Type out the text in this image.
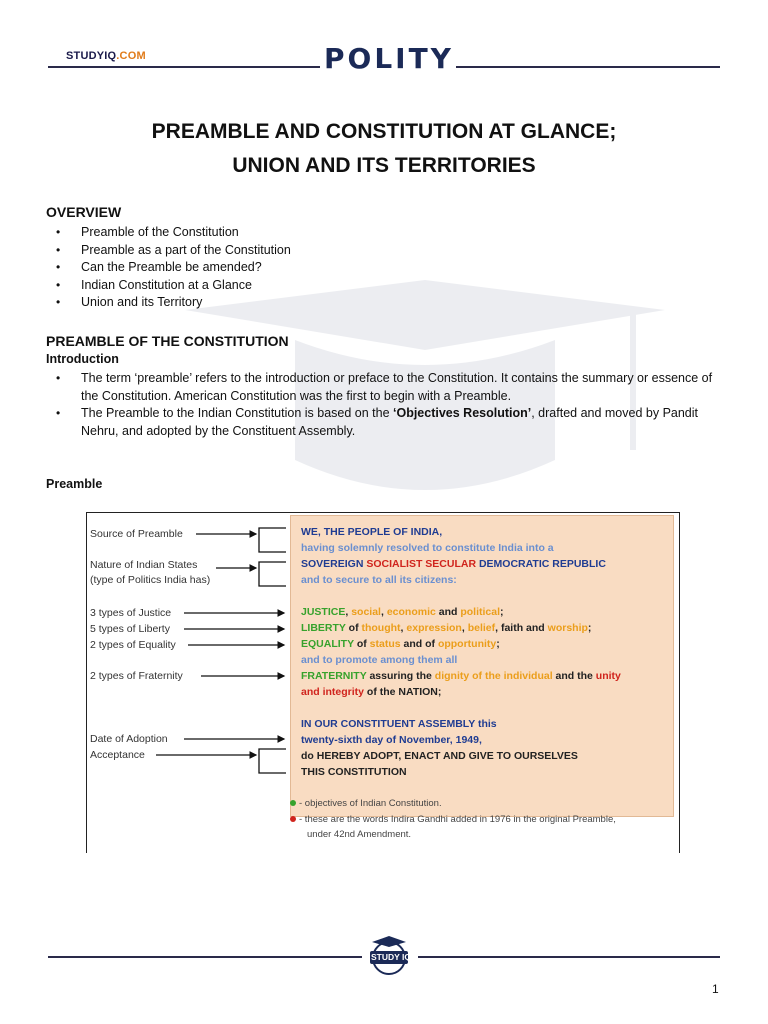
STUDYIQ.COM	POLITY
PREAMBLE AND CONSTITUTION AT GLANCE;
UNION AND ITS TERRITORIES
OVERVIEW
• Preamble of the Constitution
• Preamble as a part of the Constitution
• Can the Preamble be amended?
• Indian Constitution at a Glance
• Union and its Territory
PREAMBLE OF THE CONSTITUTION
Introduction
• The term ‘preamble’ refers to the introduction or preface to the Constitution. It contains the summary or essence of the Constitution. American Constitution was the first to begin with a Preamble.
• The Preamble to the Indian Constitution is based on the ‘Objectives Resolution’, drafted and moved by Pandit Nehru, and adopted by the Constituent Assembly.
Preamble
Source of Preamble
Nature of Indian States
(type of Politics India has)
3 types of Justice
5 types of Liberty
2 types of Equality
2 types of Fraternity
Date of Adoption
Acceptance
WE, THE PEOPLE OF INDIA,
having solemnly resolved to constitute India into a
SOVEREIGN SOCIALIST SECULAR DEMOCRATIC REPUBLIC
and to secure to all its citizens:
JUSTICE, social, economic and political;
LIBERTY of thought, expression, belief, faith and worship;
EQUALITY of status and of opportunity;
and to promote among them all
FRATERNITY assuring the dignity of the individual and the unity
and integrity of the NATION;
IN OUR CONSTITUENT ASSEMBLY this
twenty-sixth day of November, 1949,
do HEREBY ADOPT, ENACT AND GIVE TO OURSELVES
THIS CONSTITUTION
- objectives of Indian Constitution.
- these are the words Indira Gandhi added in 1976 in the original Preamble,
under 42nd Amendment.
STUDY IQ
1
